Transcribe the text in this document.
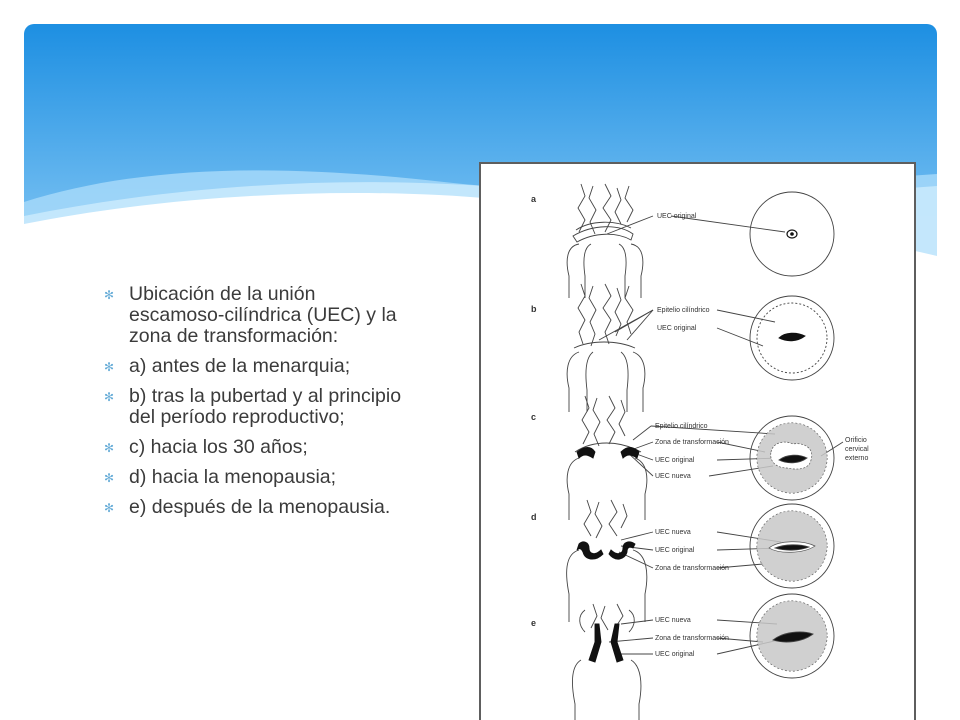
✻ Ubicación de la unión escamoso-cilíndrica (UEC) y la zona de transformación:
✻ a) antes de la menarquia;
✻ b) tras la pubertad y al principio del período reproductivo;
✻ c) hacia los 30 años;
✻ d) hacia la menopausia;
✻ e) después de la menopausia.
a
b
c
d
e
UEC original
Epitelio cilíndrico
UEC original
Epitelio cilíndrico
Zona de transformación
UEC original
UEC nueva
Orificio
cervical
externo
UEC nueva
UEC original
Zona de transformación
UEC nueva
Zona de transformación
UEC original
